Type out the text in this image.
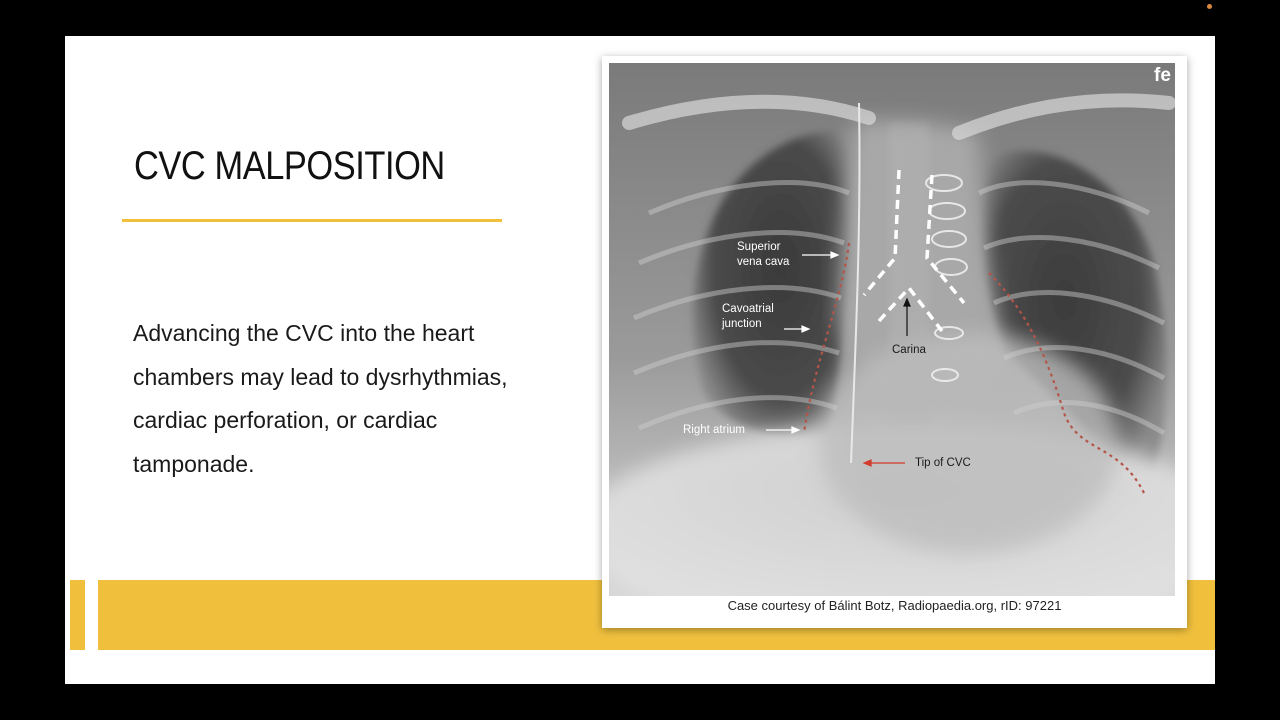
CVC MALPOSITION
Advancing the CVC into the heart chambers may lead to dysrhythmias, cardiac perforation, or cardiac tamponade.
fe
Superior
vena cava
Cavoatrial
junction
Right atrium
Carina
Tip of CVC
Case courtesy of Bálint Botz, Radiopaedia.org, rID: 97221
